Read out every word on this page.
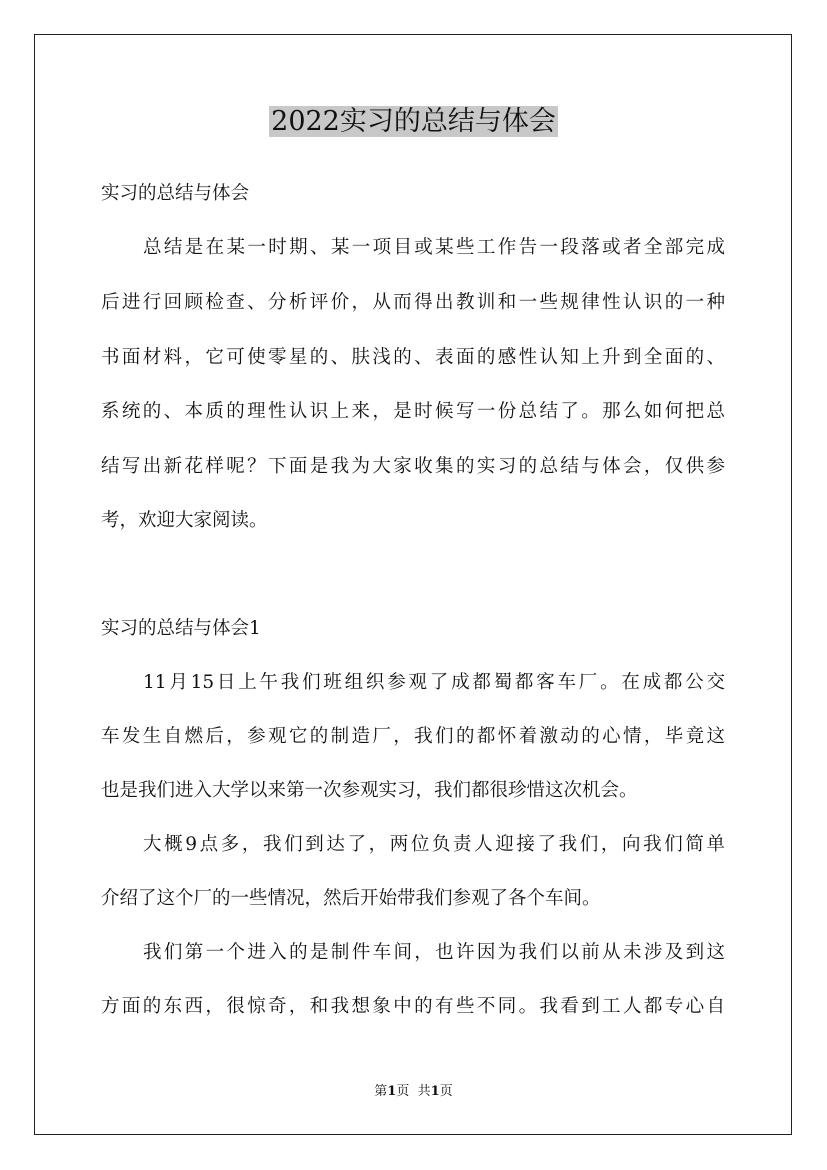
2022实习的总结与体会

实习的总结与体会

总结是在某一时期、某一项目或某些工作告一段落或者全部完成

后进行回顾检查、分析评价，从而得出教训和一些规律性认识的一种

书面材料，它可使零星的、肤浅的、表面的感性认知上升到全面的、

系统的、本质的理性认识上来，是时候写一份总结了。那么如何把总

结写出新花样呢？下面是我为大家收集的实习的总结与体会，仅供参

考，欢迎大家阅读。

实习的总结与体会1

11月15日上午我们班组织参观了成都蜀都客车厂。在成都公交

车发生自燃后，参观它的制造厂，我们的都怀着激动的心情，毕竟这

也是我们进入大学以来第一次参观实习，我们都很珍惜这次机会。

大概9点多，我们到达了，两位负责人迎接了我们，向我们简单

介绍了这个厂的一些情况，然后开始带我们参观了各个车间。

我们第一个进入的是制件车间，也许因为我们以前从未涉及到这

方面的东西，很惊奇，和我想象中的有些不同。我看到工人都专心自

第1页 共1页
